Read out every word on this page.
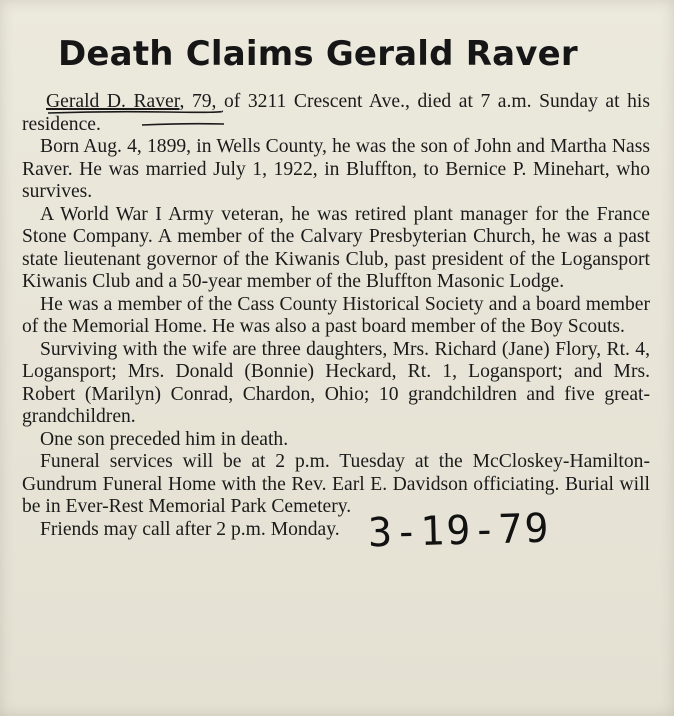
Death Claims Gerald Raver

Gerald D. Raver, 79, of 3211 Crescent Ave., died at 7 a.m. Sunday at his residence.

Born Aug. 4, 1899, in Wells County, he was the son of John and Martha Nass Raver. He was married July 1, 1922, in Bluffton, to Bernice P. Minehart, who survives.

A World War I Army veteran, he was retired plant manager for the France Stone Company. A member of the Calvary Presbyterian Church, he was a past state lieutenant governor of the Kiwanis Club, past president of the Logansport Kiwanis Club and a 50-year member of the Bluffton Masonic Lodge.

He was a member of the Cass County Historical Society and a board member of the Memorial Home. He was also a past board member of the Boy Scouts.

Surviving with the wife are three daughters, Mrs. Richard (Jane) Flory, Rt. 4, Logansport; Mrs. Donald (Bonnie) Heckard, Rt. 1, Logansport; and Mrs. Robert (Marilyn) Conrad, Chardon, Ohio; 10 grandchildren and five great-grandchildren.

One son preceded him in death.

Funeral services will be at 2 p.m. Tuesday at the McCloskey-Hamilton-Gundrum Funeral Home with the Rev. Earl E. Davidson officiating. Burial will be in Ever-Rest Memorial Park Cemetery.

Friends may call after 2 p.m. Monday. 3-19-79
